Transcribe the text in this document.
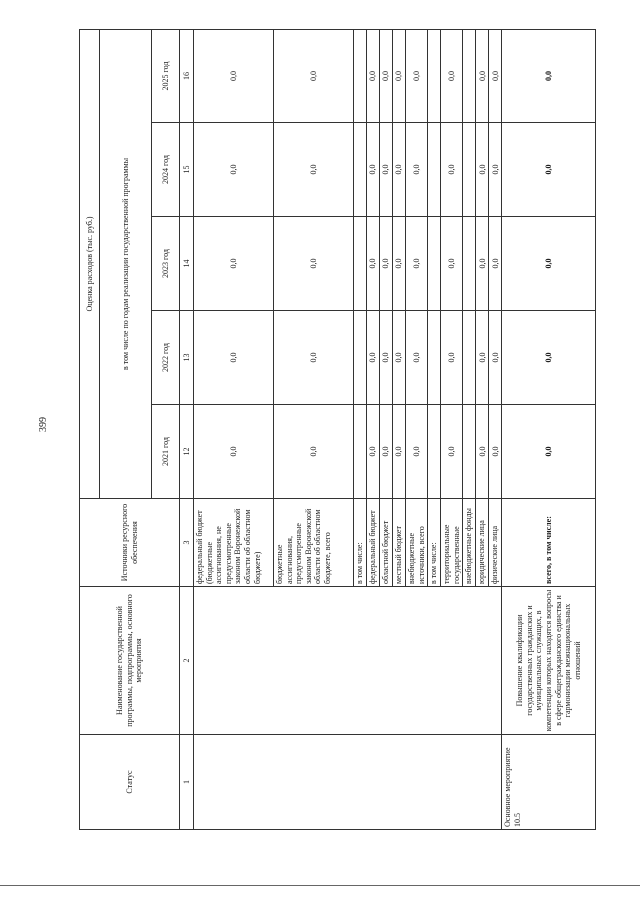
399
Статус	Наименование государственной программы, подпрограммы, основного мероприятия	Источники ресурсного обеспечения	Оценка расходов (тыс. руб.)				
			в том числе по годам реализации государственной программы				
			2021 год	2022 год	2023 год	2024 год	2025 год
1	2	3	12	13	14	15	16
		федеральный бюджет (бюджетные ассигнования, не предусмотренные законом Воронежской области об областном бюджете)	0,0	0,0	0,0	0,0	0,0
		бюджетные ассигнования, предусмотренные законом Воронежской области об областном бюджете, всего	0,0	0,0	0,0	0,0	0,0
		в том числе:					
		федеральный бюджет	0,0	0,0	0,0	0,0	0,0
		областной бюджет	0,0	0,0	0,0	0,0	0,0
		местный бюджет	0,0	0,0	0,0	0,0	0,0
		внебюджетные источники, всего	0,0	0,0	0,0	0,0	0,0
		в том числе:					
		территориальные государственные	0,0	0,0	0,0	0,0	0,0
		внебюджетные фонды					
		юридические лица	0,0	0,0	0,0	0,0	0,0
		физические лица	0,0	0,0	0,0	0,0	0,0
Основное мероприятие 10.5	Повышение квалификации государственных гражданских и муниципальных служащих, в компетенции которых находятся вопросы в сфере общегражданского единства и гармонизации межнациональных отношений	всего, в том числе:	0,0	0,0	0,0	0,0	0,0
